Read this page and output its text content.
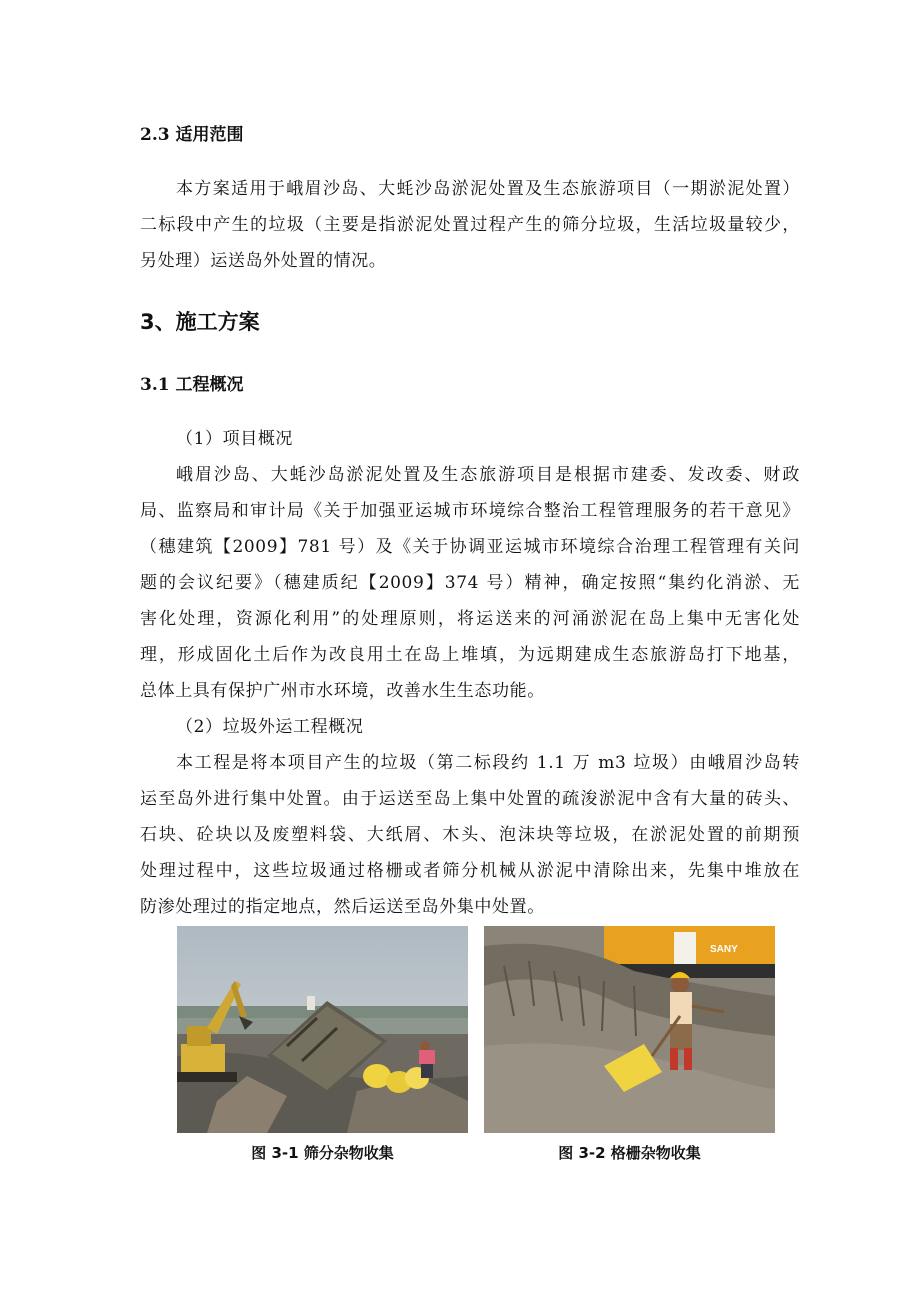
2.3 适用范围
本方案适用于峨眉沙岛、大蚝沙岛淤泥处置及生态旅游项目（一期淤泥处置）
二标段中产生的垃圾（主要是指淤泥处置过程产生的筛分垃圾，生活垃圾量较少，
另处理）运送岛外处置的情况。
3、施工方案
3.1 工程概况
（1）项目概况
峨眉沙岛、大蚝沙岛淤泥处置及生态旅游项目是根据市建委、发改委、财政
局、监察局和审计局《关于加强亚运城市环境综合整治工程管理服务的若干意见》
（穗建筑【2009】781 号）及《关于协调亚运城市环境综合治理工程管理有关问
题的会议纪要》（穗建质纪【2009】374 号）精神，确定按照“集约化消淤、无
害化处理，资源化利用”的处理原则，将运送来的河涌淤泥在岛上集中无害化处
理，形成固化土后作为改良用土在岛上堆填，为远期建成生态旅游岛打下地基，
总体上具有保护广州市水环境，改善水生生态功能。
（2）垃圾外运工程概况
本工程是将本项目产生的垃圾（第二标段约 1.1 万 m3 垃圾）由峨眉沙岛转
运至岛外进行集中处置。由于运送至岛上集中处置的疏浚淤泥中含有大量的砖头、
石块、砼块以及废塑料袋、大纸屑、木头、泡沫块等垃圾，在淤泥处置的前期预
处理过程中，这些垃圾通过格栅或者筛分机械从淤泥中清除出来，先集中堆放在
防渗处理过的指定地点，然后运送至岛外集中处置。
SANY
图 3-1 筛分杂物收集	图 3-2 格栅杂物收集
